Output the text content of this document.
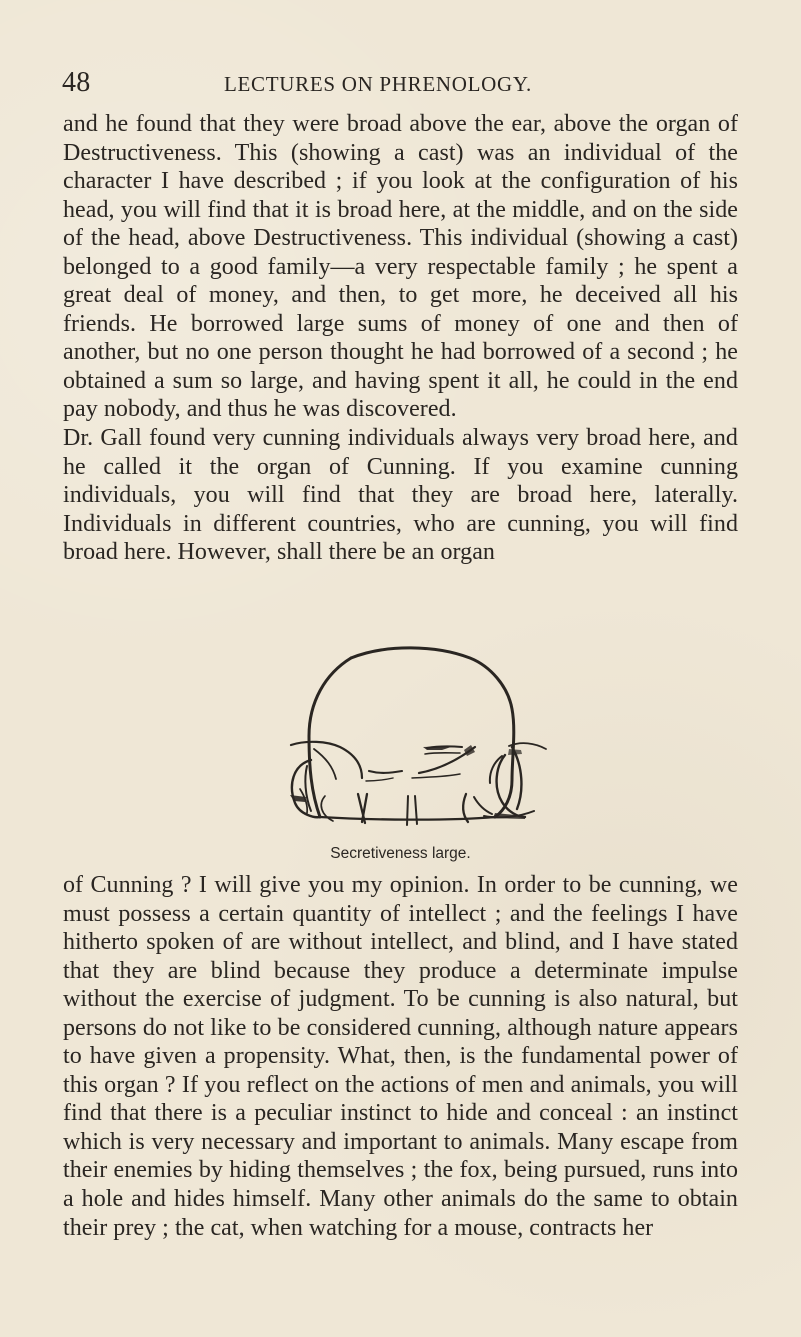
48	LECTURES ON PHRENOLOGY.

and he found that they were broad above the ear, above the organ of Destructiveness. This (showing a cast) was an individual of the character I have described ; if you look at the configuration of his head, you will find that it is broad here, at the middle, and on the side of the head, above Destructiveness. This individual (showing a cast) belonged to a good family—a very respectable family ; he spent a great deal of money, and then, to get more, he deceived all his friends. He borrowed large sums of money of one and then of another, but no one person thought he had borrowed of a second ; he obtained a sum so large, and having spent it all, he could in the end pay nobody, and thus he was discovered.

Dr. Gall found very cunning individuals always very broad here, and he called it the organ of Cunning. If you examine cunning individuals, you will find that they are broad here, laterally. Individuals in different countries, who are cunning, you will find broad here. However, shall there be an organ

Secretiveness large.

of Cunning ? I will give you my opinion. In order to be cunning, we must possess a certain quantity of intellect ; and the feelings I have hitherto spoken of are without intellect, and blind, and I have stated that they are blind because they produce a determinate impulse without the exercise of judgment. To be cunning is also natural, but persons do not like to be considered cunning, although nature appears to have given a propensity. What, then, is the fundamental power of this organ ? If you reflect on the actions of men and animals, you will find that there is a peculiar instinct to hide and conceal : an instinct which is very necessary and important to animals. Many escape from their enemies by hiding themselves ; the fox, being pursued, runs into a hole and hides himself. Many other animals do the same to obtain their prey ; the cat, when watching for a mouse, contracts her
